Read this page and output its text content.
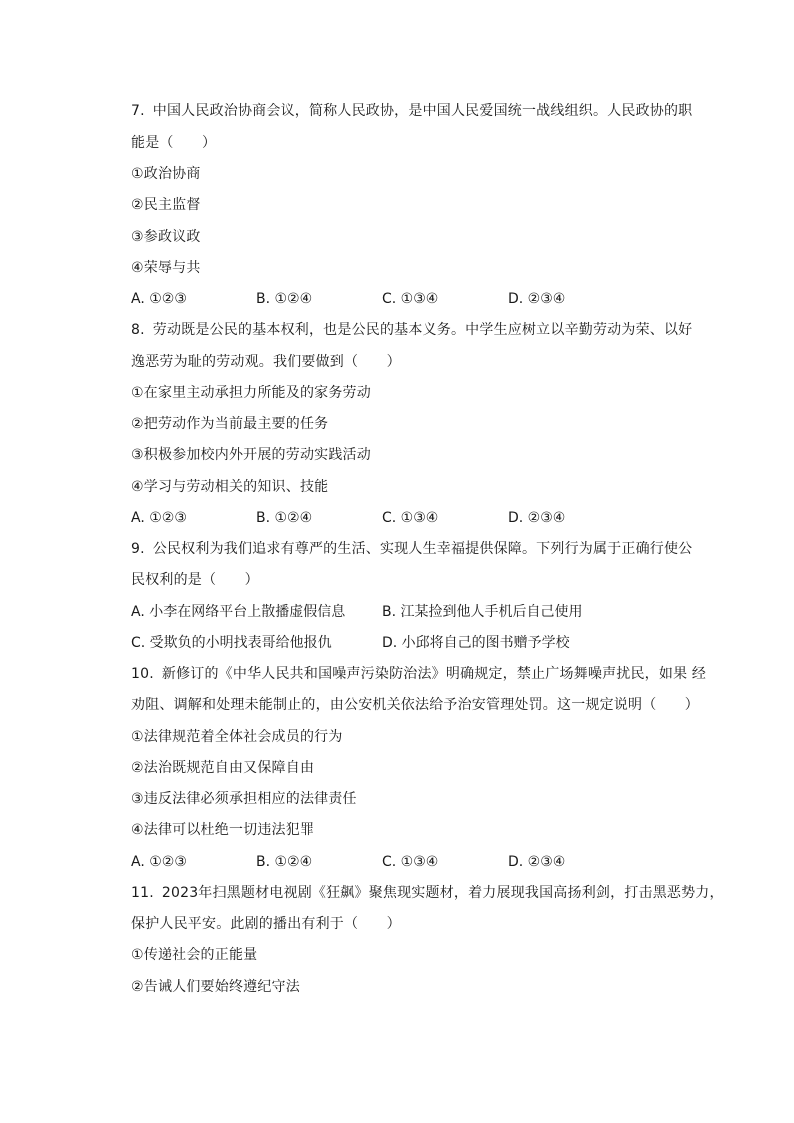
7. 中国人民政治协商会议，简称人民政协，是中国人民爱国统一战线组织。人民政协的职
能是（　　）
①政治协商
②民主监督
③参政议政
④荣辱与共
A. ①②③	B. ①②④	C. ①③④	D. ②③④
8. 劳动既是公民的基本权利，也是公民的基本义务。中学生应树立以辛勤劳动为荣、以好
逸恶劳为耻的劳动观。我们要做到（　　）
①在家里主动承担力所能及的家务劳动
②把劳动作为当前最主要的任务
③积极参加校内外开展的劳动实践活动
④学习与劳动相关的知识、技能
A. ①②③	B. ①②④	C. ①③④	D. ②③④
9. 公民权利为我们追求有尊严的生活、实现人生幸福提供保障。下列行为属于正确行使公
民权利的是（　　）
A. 小李在网络平台上散播虚假信息	B. 江某捡到他人手机后自己使用
C. 受欺负的小明找表哥给他报仇	D. 小邱将自己的图书赠予学校
10. 新修订的《中华人民共和国噪声污染防治法》明确规定，禁止广场舞噪声扰民，如果 经
劝阻、调解和处理未能制止的，由公安机关依法给予治安管理处罚。这一规定说明（　　）
①法律规范着全体社会成员的行为
②法治既规范自由又保障自由
③违反法律必须承担相应的法律责任
④法律可以杜绝一切违法犯罪
A. ①②③	B. ①②④	C. ①③④	D. ②③④
11. 2023年扫黑题材电视剧《狂飙》聚焦现实题材，着力展现我国高扬利剑，打击黑恶势力，
保护人民平安。此剧的播出有利于（　　）
①传递社会的正能量
②告诫人们要始终遵纪守法
